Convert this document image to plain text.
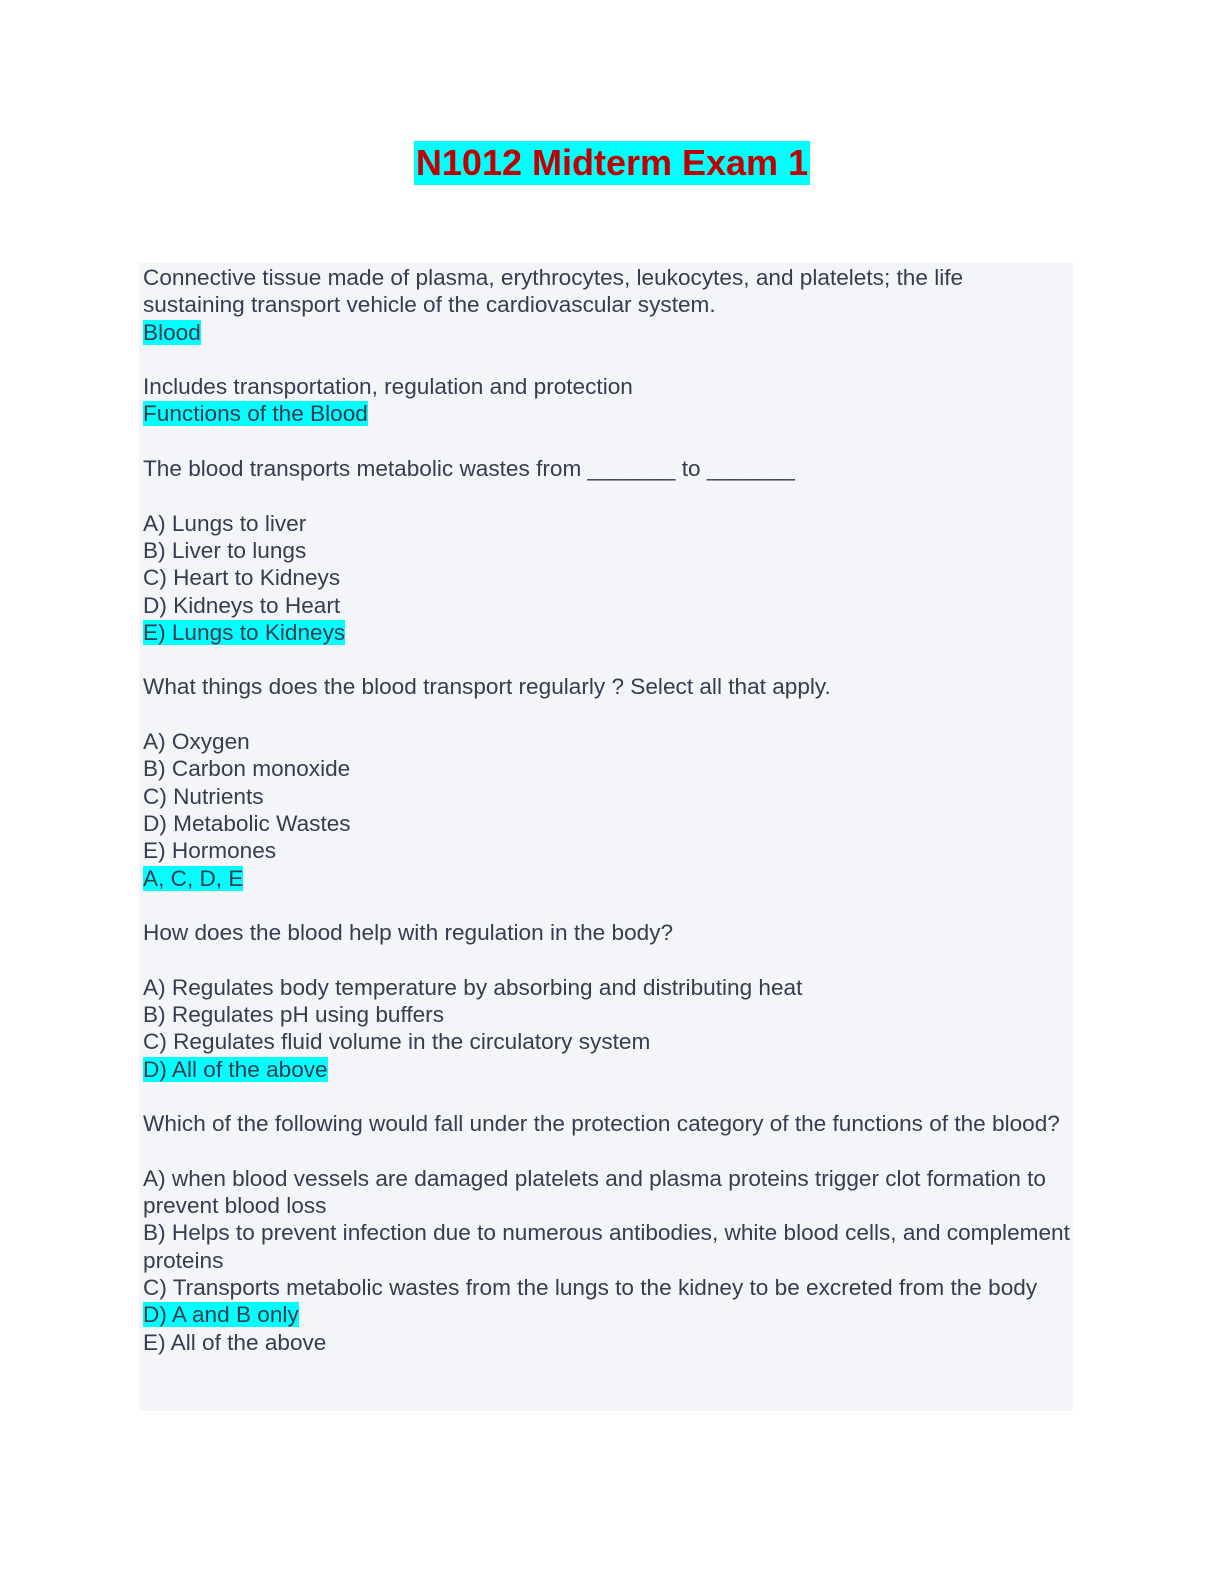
N1012 Midterm Exam 1
Connective tissue made of plasma, erythrocytes, leukocytes, and platelets; the life sustaining transport vehicle of the cardiovascular system.
Blood
Includes transportation, regulation and protection
Functions of the Blood
The blood transports metabolic wastes from _______ to _______
A) Lungs to liver
B) Liver to lungs
C) Heart to Kidneys
D) Kidneys to Heart
E) Lungs to Kidneys
What things does the blood transport regularly ? Select all that apply.
A) Oxygen
B) Carbon monoxide
C) Nutrients
D) Metabolic Wastes
E) Hormones
A, C, D, E
How does the blood help with regulation in the body?
A) Regulates body temperature by absorbing and distributing heat
B) Regulates pH using buffers
C) Regulates fluid volume in the circulatory system
D) All of the above
Which of the following would fall under the protection category of the functions of the blood?
A) when blood vessels are damaged platelets and plasma proteins trigger clot formation to prevent blood loss
B) Helps to prevent infection due to numerous antibodies, white blood cells, and complement proteins
C) Transports metabolic wastes from the lungs to the kidney to be excreted from the body
D) A and B only
E) All of the above
